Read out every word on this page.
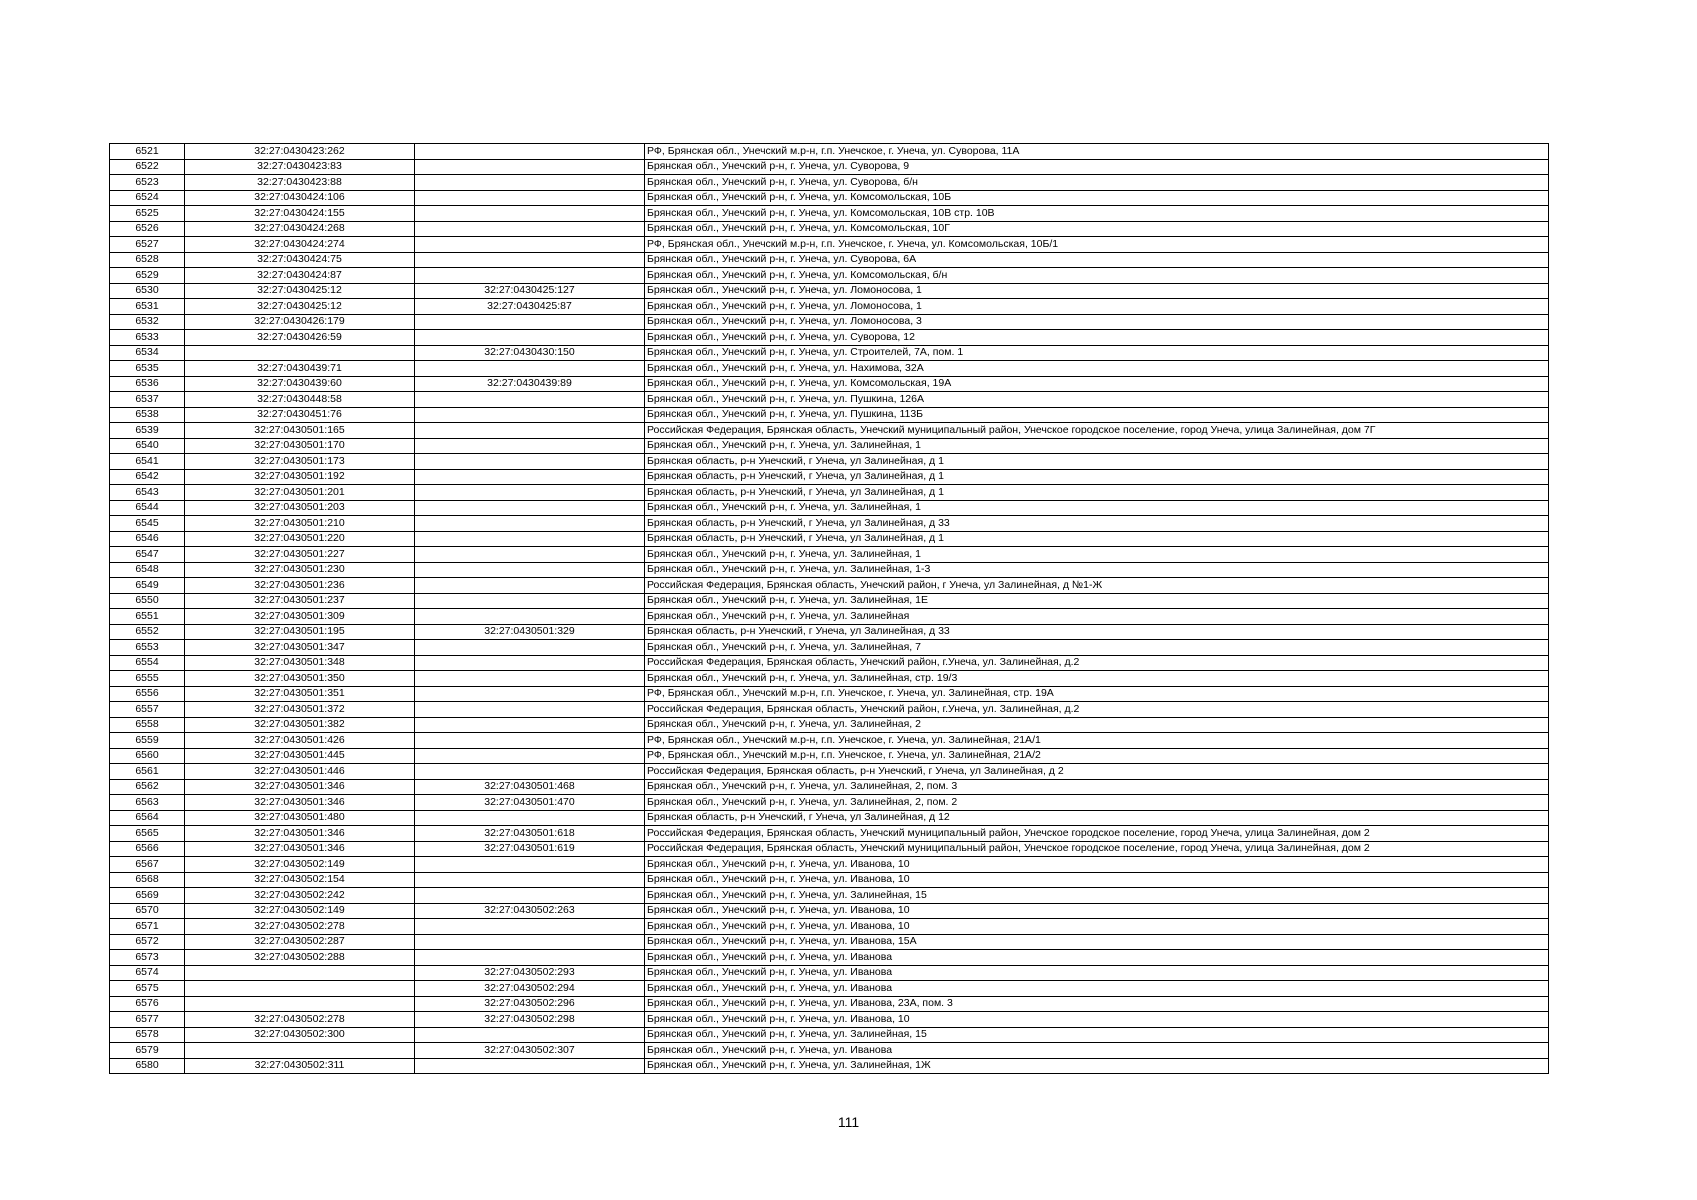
6521	32:27:0430423:262		РФ, Брянская обл., Унечский м.р-н, г.п. Унечское, г. Унеча, ул. Суворова, 11А
6522	32:27:0430423:83		Брянская обл., Унечский р-н, г. Унеча, ул. Суворова, 9
6523	32:27:0430423:88		Брянская обл., Унечский р-н, г. Унеча, ул. Суворова, б/н
6524	32:27:0430424:106		Брянская обл., Унечский р-н, г. Унеча, ул. Комсомольская, 10Б
6525	32:27:0430424:155		Брянская обл., Унечский р-н, г. Унеча, ул. Комсомольская, 10В стр. 10В
6526	32:27:0430424:268		Брянская обл., Унечский р-н, г. Унеча, ул. Комсомольская, 10Г
6527	32:27:0430424:274		РФ, Брянская обл., Унечский м.р-н, г.п. Унечское, г. Унеча, ул. Комсомольская, 10Б/1
6528	32:27:0430424:75		Брянская обл., Унечский р-н, г. Унеча, ул. Суворова, 6А
6529	32:27:0430424:87		Брянская обл., Унечский р-н, г. Унеча, ул. Комсомольская, б/н
6530	32:27:0430425:12	32:27:0430425:127	Брянская обл., Унечский р-н, г. Унеча, ул. Ломоносова, 1
6531	32:27:0430425:12	32:27:0430425:87	Брянская обл., Унечский р-н, г. Унеча, ул. Ломоносова, 1
6532	32:27:0430426:179		Брянская обл., Унечский р-н, г. Унеча, ул. Ломоносова, 3
6533	32:27:0430426:59		Брянская обл., Унечский р-н, г. Унеча, ул. Суворова, 12
6534		32:27:0430430:150	Брянская обл., Унечский р-н, г. Унеча, ул. Строителей, 7А, пом. 1
6535	32:27:0430439:71		Брянская обл., Унечский р-н, г. Унеча, ул. Нахимова, 32А
6536	32:27:0430439:60	32:27:0430439:89	Брянская обл., Унечский р-н, г. Унеча, ул. Комсомольская, 19А
6537	32:27:0430448:58		Брянская обл., Унечский р-н, г. Унеча, ул. Пушкина, 126А
6538	32:27:0430451:76		Брянская обл., Унечский р-н, г. Унеча, ул. Пушкина, 113Б
6539	32:27:0430501:165		Российская Федерация, Брянская область, Унечский муниципальный район, Унечское городское поселение, город Унеча, улица Залинейная, дом 7Г
6540	32:27:0430501:170		Брянская обл., Унечский р-н, г. Унеча, ул. Залинейная, 1
6541	32:27:0430501:173		Брянская область, р-н Унечский, г Унеча, ул Залинейная, д 1
6542	32:27:0430501:192		Брянская область, р-н Унечский, г Унеча, ул Залинейная, д 1
6543	32:27:0430501:201		Брянская область, р-н Унечский, г Унеча, ул Залинейная, д 1
6544	32:27:0430501:203		Брянская обл., Унечский р-н, г. Унеча, ул. Залинейная, 1
6545	32:27:0430501:210		Брянская область, р-н Унечский, г Унеча, ул Залинейная, д 33
6546	32:27:0430501:220		Брянская область, р-н Унечский, г Унеча, ул Залинейная, д 1
6547	32:27:0430501:227		Брянская обл., Унечский р-н, г. Унеча, ул. Залинейная, 1
6548	32:27:0430501:230		Брянская обл., Унечский р-н, г. Унеча, ул. Залинейная, 1-3
6549	32:27:0430501:236		Российская Федерация, Брянская область, Унечский район, г Унеча, ул Залинейная, д №1-Ж
6550	32:27:0430501:237		Брянская обл., Унечский р-н, г. Унеча, ул. Залинейная, 1Е
6551	32:27:0430501:309		Брянская обл., Унечский р-н, г. Унеча, ул. Залинейная
6552	32:27:0430501:195	32:27:0430501:329	Брянская область, р-н Унечский, г Унеча, ул Залинейная, д 33
6553	32:27:0430501:347		Брянская обл., Унечский р-н, г. Унеча, ул. Залинейная, 7
6554	32:27:0430501:348		Российская Федерация, Брянская область, Унечский район, г.Унеча, ул. Залинейная, д.2
6555	32:27:0430501:350		Брянская обл., Унечский р-н, г. Унеча, ул. Залинейная, стр. 19/3
6556	32:27:0430501:351		РФ, Брянская обл., Унечский м.р-н, г.п. Унечское, г. Унеча, ул. Залинейная, стр. 19А
6557	32:27:0430501:372		Российская Федерация, Брянская область, Унечский район, г.Унеча, ул. Залинейная, д.2
6558	32:27:0430501:382		Брянская обл., Унечский р-н, г. Унеча, ул. Залинейная, 2
6559	32:27:0430501:426		РФ, Брянская обл., Унечский м.р-н, г.п. Унечское, г. Унеча, ул. Залинейная, 21А/1
6560	32:27:0430501:445		РФ, Брянская обл., Унечский м.р-н, г.п. Унечское, г. Унеча, ул. Залинейная, 21А/2
6561	32:27:0430501:446		Российская Федерация, Брянская область, р-н Унечский, г Унеча, ул Залинейная, д 2
6562	32:27:0430501:346	32:27:0430501:468	Брянская обл., Унечский р-н, г. Унеча, ул. Залинейная, 2, пом. 3
6563	32:27:0430501:346	32:27:0430501:470	Брянская обл., Унечский р-н, г. Унеча, ул. Залинейная, 2, пом. 2
6564	32:27:0430501:480		Брянская область, р-н Унечский, г Унеча, ул Залинейная, д 12
6565	32:27:0430501:346	32:27:0430501:618	Российская Федерация, Брянская область, Унечский муниципальный район, Унечское городское поселение, город Унеча, улица Залинейная, дом 2
6566	32:27:0430501:346	32:27:0430501:619	Российская Федерация, Брянская область, Унечский муниципальный район, Унечское городское поселение, город Унеча, улица Залинейная, дом 2
6567	32:27:0430502:149		Брянская обл., Унечский р-н, г. Унеча, ул. Иванова, 10
6568	32:27:0430502:154		Брянская обл., Унечский р-н, г. Унеча, ул. Иванова, 10
6569	32:27:0430502:242		Брянская обл., Унечский р-н, г. Унеча, ул. Залинейная, 15
6570	32:27:0430502:149	32:27:0430502:263	Брянская обл., Унечский р-н, г. Унеча, ул. Иванова, 10
6571	32:27:0430502:278		Брянская обл., Унечский р-н, г. Унеча, ул. Иванова, 10
6572	32:27:0430502:287		Брянская обл., Унечский р-н, г. Унеча, ул. Иванова, 15А
6573	32:27:0430502:288		Брянская обл., Унечский р-н, г. Унеча, ул. Иванова
6574		32:27:0430502:293	Брянская обл., Унечский р-н, г. Унеча, ул. Иванова
6575		32:27:0430502:294	Брянская обл., Унечский р-н, г. Унеча, ул. Иванова
6576		32:27:0430502:296	Брянская обл., Унечский р-н, г. Унеча, ул. Иванова, 23А, пом. 3
6577	32:27:0430502:278	32:27:0430502:298	Брянская обл., Унечский р-н, г. Унеча, ул. Иванова, 10
6578	32:27:0430502:300		Брянская обл., Унечский р-н, г. Унеча, ул. Залинейная, 15
6579		32:27:0430502:307	Брянская обл., Унечский р-н, г. Унеча, ул. Иванова
6580	32:27:0430502:311		Брянская обл., Унечский р-н, г. Унеча, ул. Залинейная, 1Ж
111
